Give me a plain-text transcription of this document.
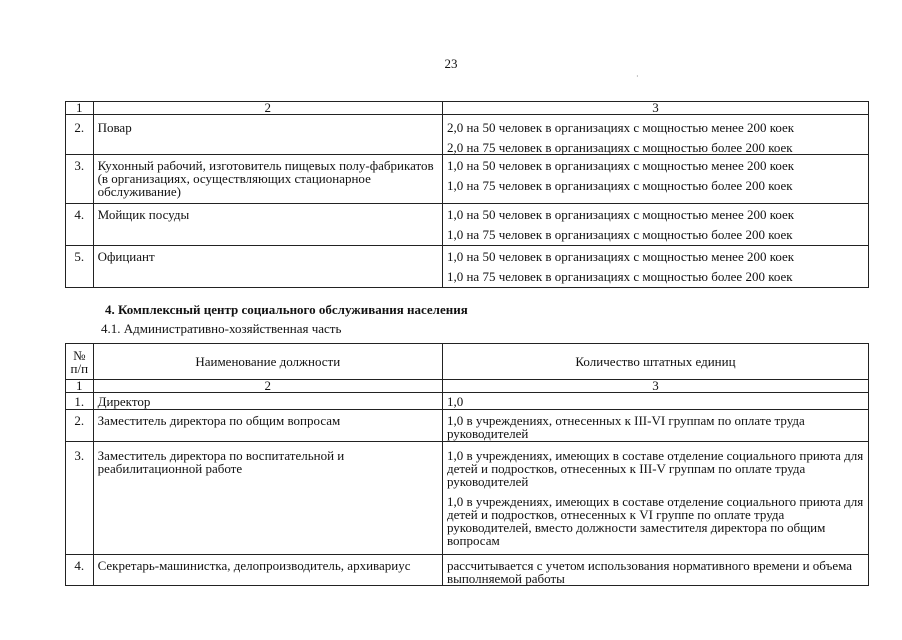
23
·
1	2	3
2.	Повар	2,0 на 50 человек в организациях с мощностью менее 200 коек
2,0 на 75 человек в организациях с мощностью более 200 коек

3.	Кухонный рабочий, изготовитель пищевых полу-фабрикатов (в организациях, осуществляющих стационарное обслуживание)	1,0 на 50 человек в организациях с мощностью менее 200 коек
1,0 на 75 человек в организациях с мощностью более 200 коек

4.	Мойщик посуды	1,0 на 50 человек в организациях с мощностью менее 200 коек
1,0 на 75 человек в организациях с мощностью более 200 коек

5.	Официант	1,0 на 50 человек в организациях с мощностью менее 200 коек
1,0 на 75 человек в организациях с мощностью более 200 коек
4. Комплексный центр социального обслуживания населения
4.1. Административно-хозяйственная часть
№ п/п	Наименование должности	Количество штатных единиц
1	2	3
1.	Директор	1,0

2.	Заместитель директора по общим вопросам	1,0 в учреждениях, отнесенных к III-VI группам по оплате труда руководителей

3.	Заместитель директора по воспитательной и реабилитационной работе	1,0 в учреждениях, имеющих в составе отделение социального приюта для детей и подростков, отнесенных к III-V группам по оплате труда руководителей
1,0 в учреждениях, имеющих в составе отделение социального приюта для детей и подростков, отнесенных к VI группе по оплате труда руководителей, вместо должности заместителя директора по общим вопросам

4.	Секретарь-машинистка, делопроизводитель, архивариус	рассчитывается с учетом использования нормативного времени и объема выполняемой работы
